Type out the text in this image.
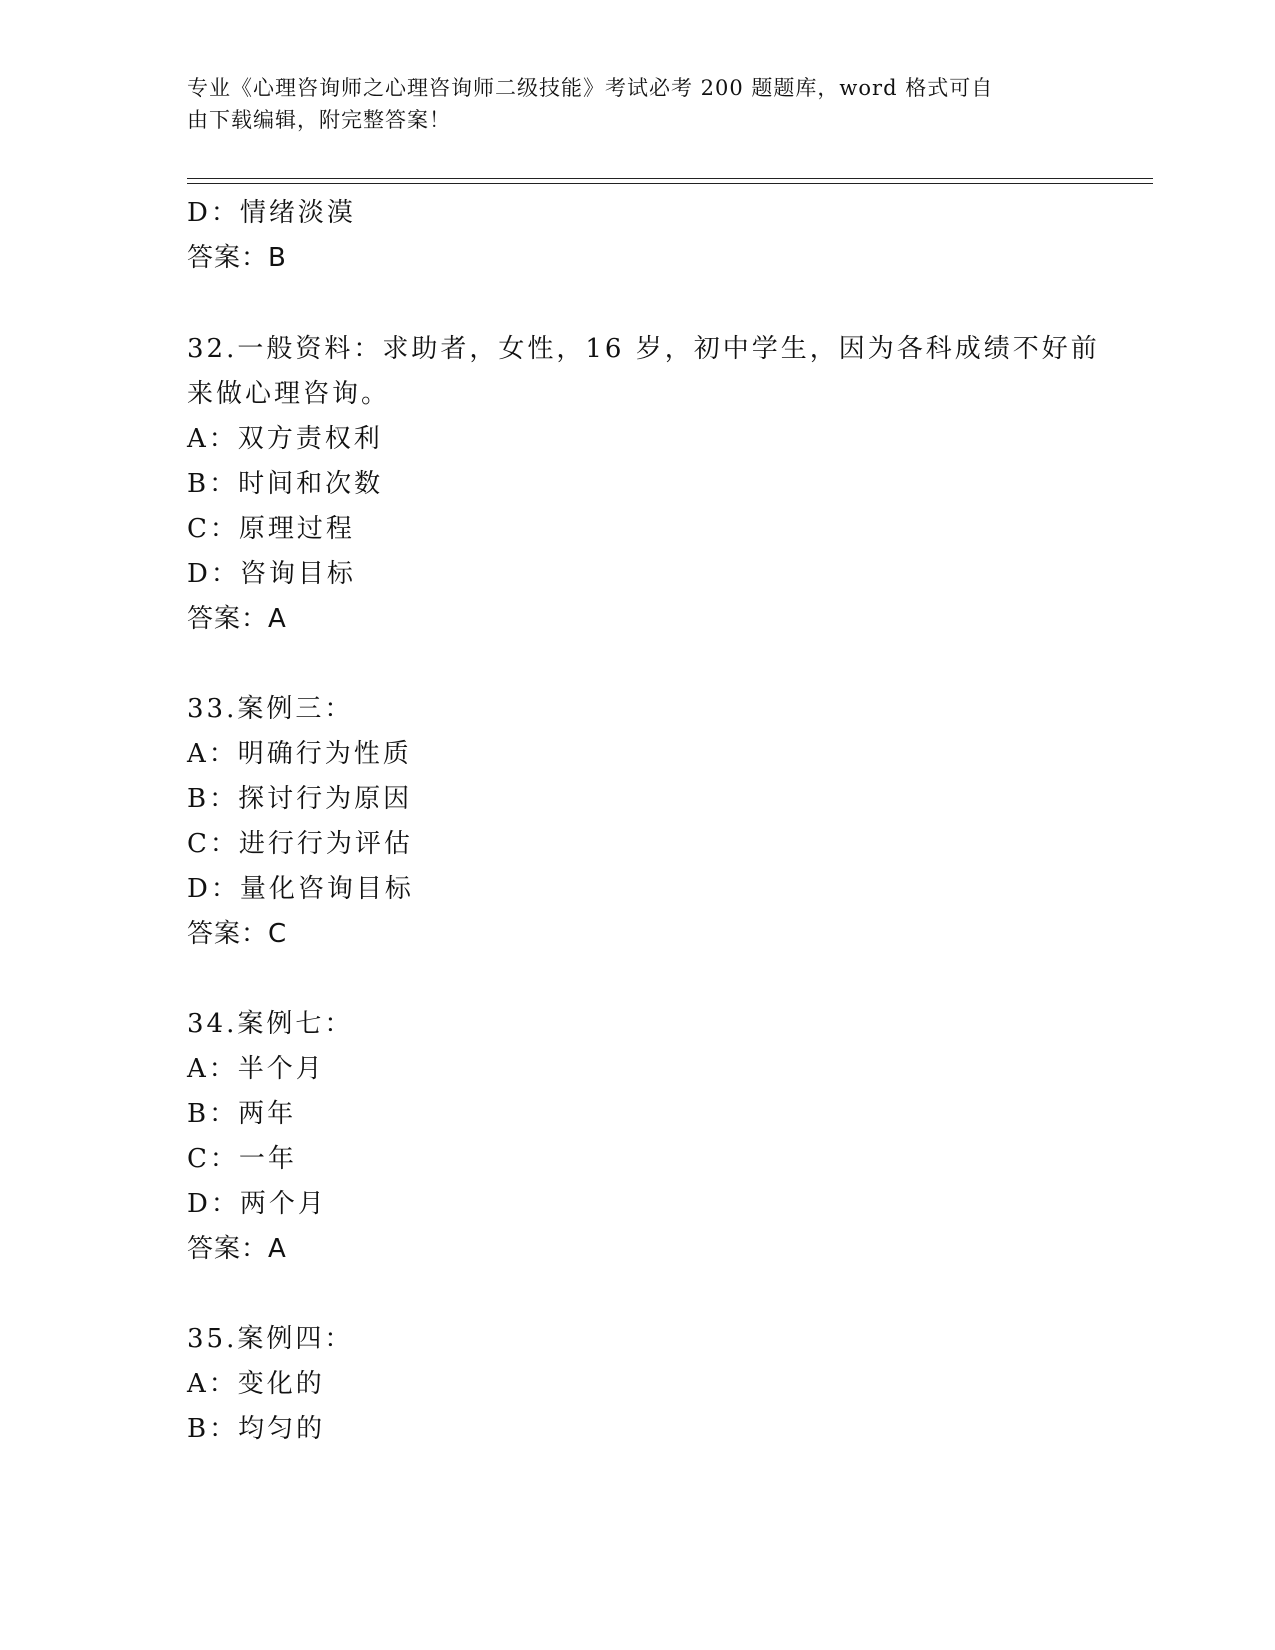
专业《心理咨询师之心理咨询师二级技能》考试必考 200 题题库，word 格式可自
由下载编辑，附完整答案！

D：情绪淡漠

答案：B

32.一般资料：求助者，女性，16 岁，初中学生，因为各科成绩不好前

来做心理咨询。

A：双方责权利

B：时间和次数

C：原理过程

D：咨询目标

答案：A

33.案例三：

A：明确行为性质

B：探讨行为原因

C：进行行为评估

D：量化咨询目标

答案：C

34.案例七：

A：半个月

B：两年

C：一年

D：两个月

答案：A

35.案例四：

A：变化的

B：均匀的
